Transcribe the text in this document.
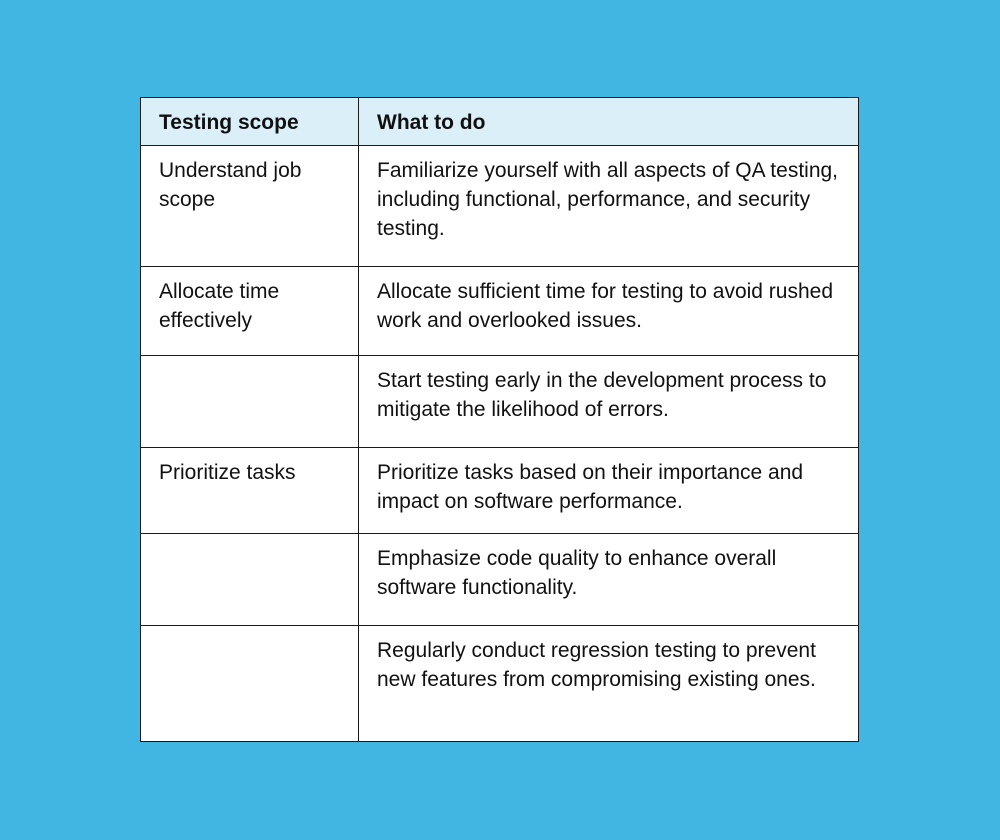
Testing scope	What to do
Understand job scope	Familiarize yourself with all aspects of QA testing, including functional, performance, and security testing.
Allocate time effectively	Allocate sufficient time for testing to avoid rushed work and overlooked issues.
	Start testing early in the development process to mitigate the likelihood of errors.
Prioritize tasks	Prioritize tasks based on their importance and impact on software performance.
	Emphasize code quality to enhance overall software functionality.
	Regularly conduct regression testing to prevent new features from compromising existing ones.
